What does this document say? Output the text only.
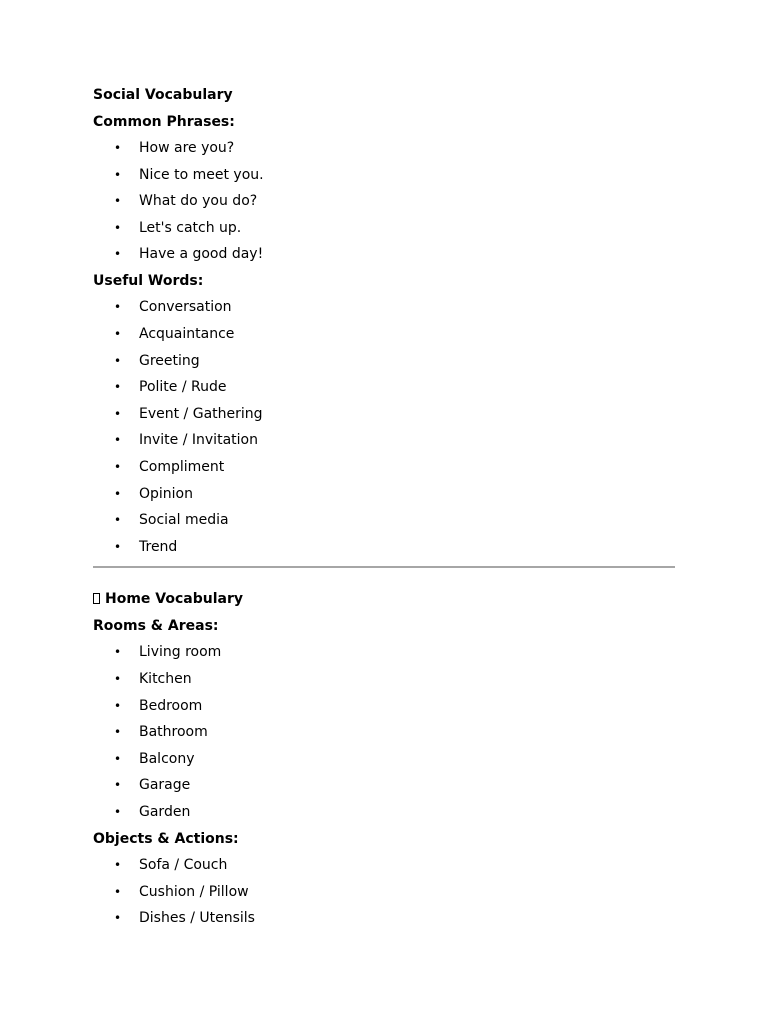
Social Vocabulary
Common Phrases:
• How are you?
• Nice to meet you.
• What do you do?
• Let's catch up.
• Have a good day!
Useful Words:
• Conversation
• Acquaintance
• Greeting
• Polite / Rude
• Event / Gathering
• Invite / Invitation
• Compliment
• Opinion
• Social media
• Trend
Home Vocabulary
Rooms & Areas:
• Living room
• Kitchen
• Bedroom
• Bathroom
• Balcony
• Garage
• Garden
Objects & Actions:
• Sofa / Couch
• Cushion / Pillow
• Dishes / Utensils
